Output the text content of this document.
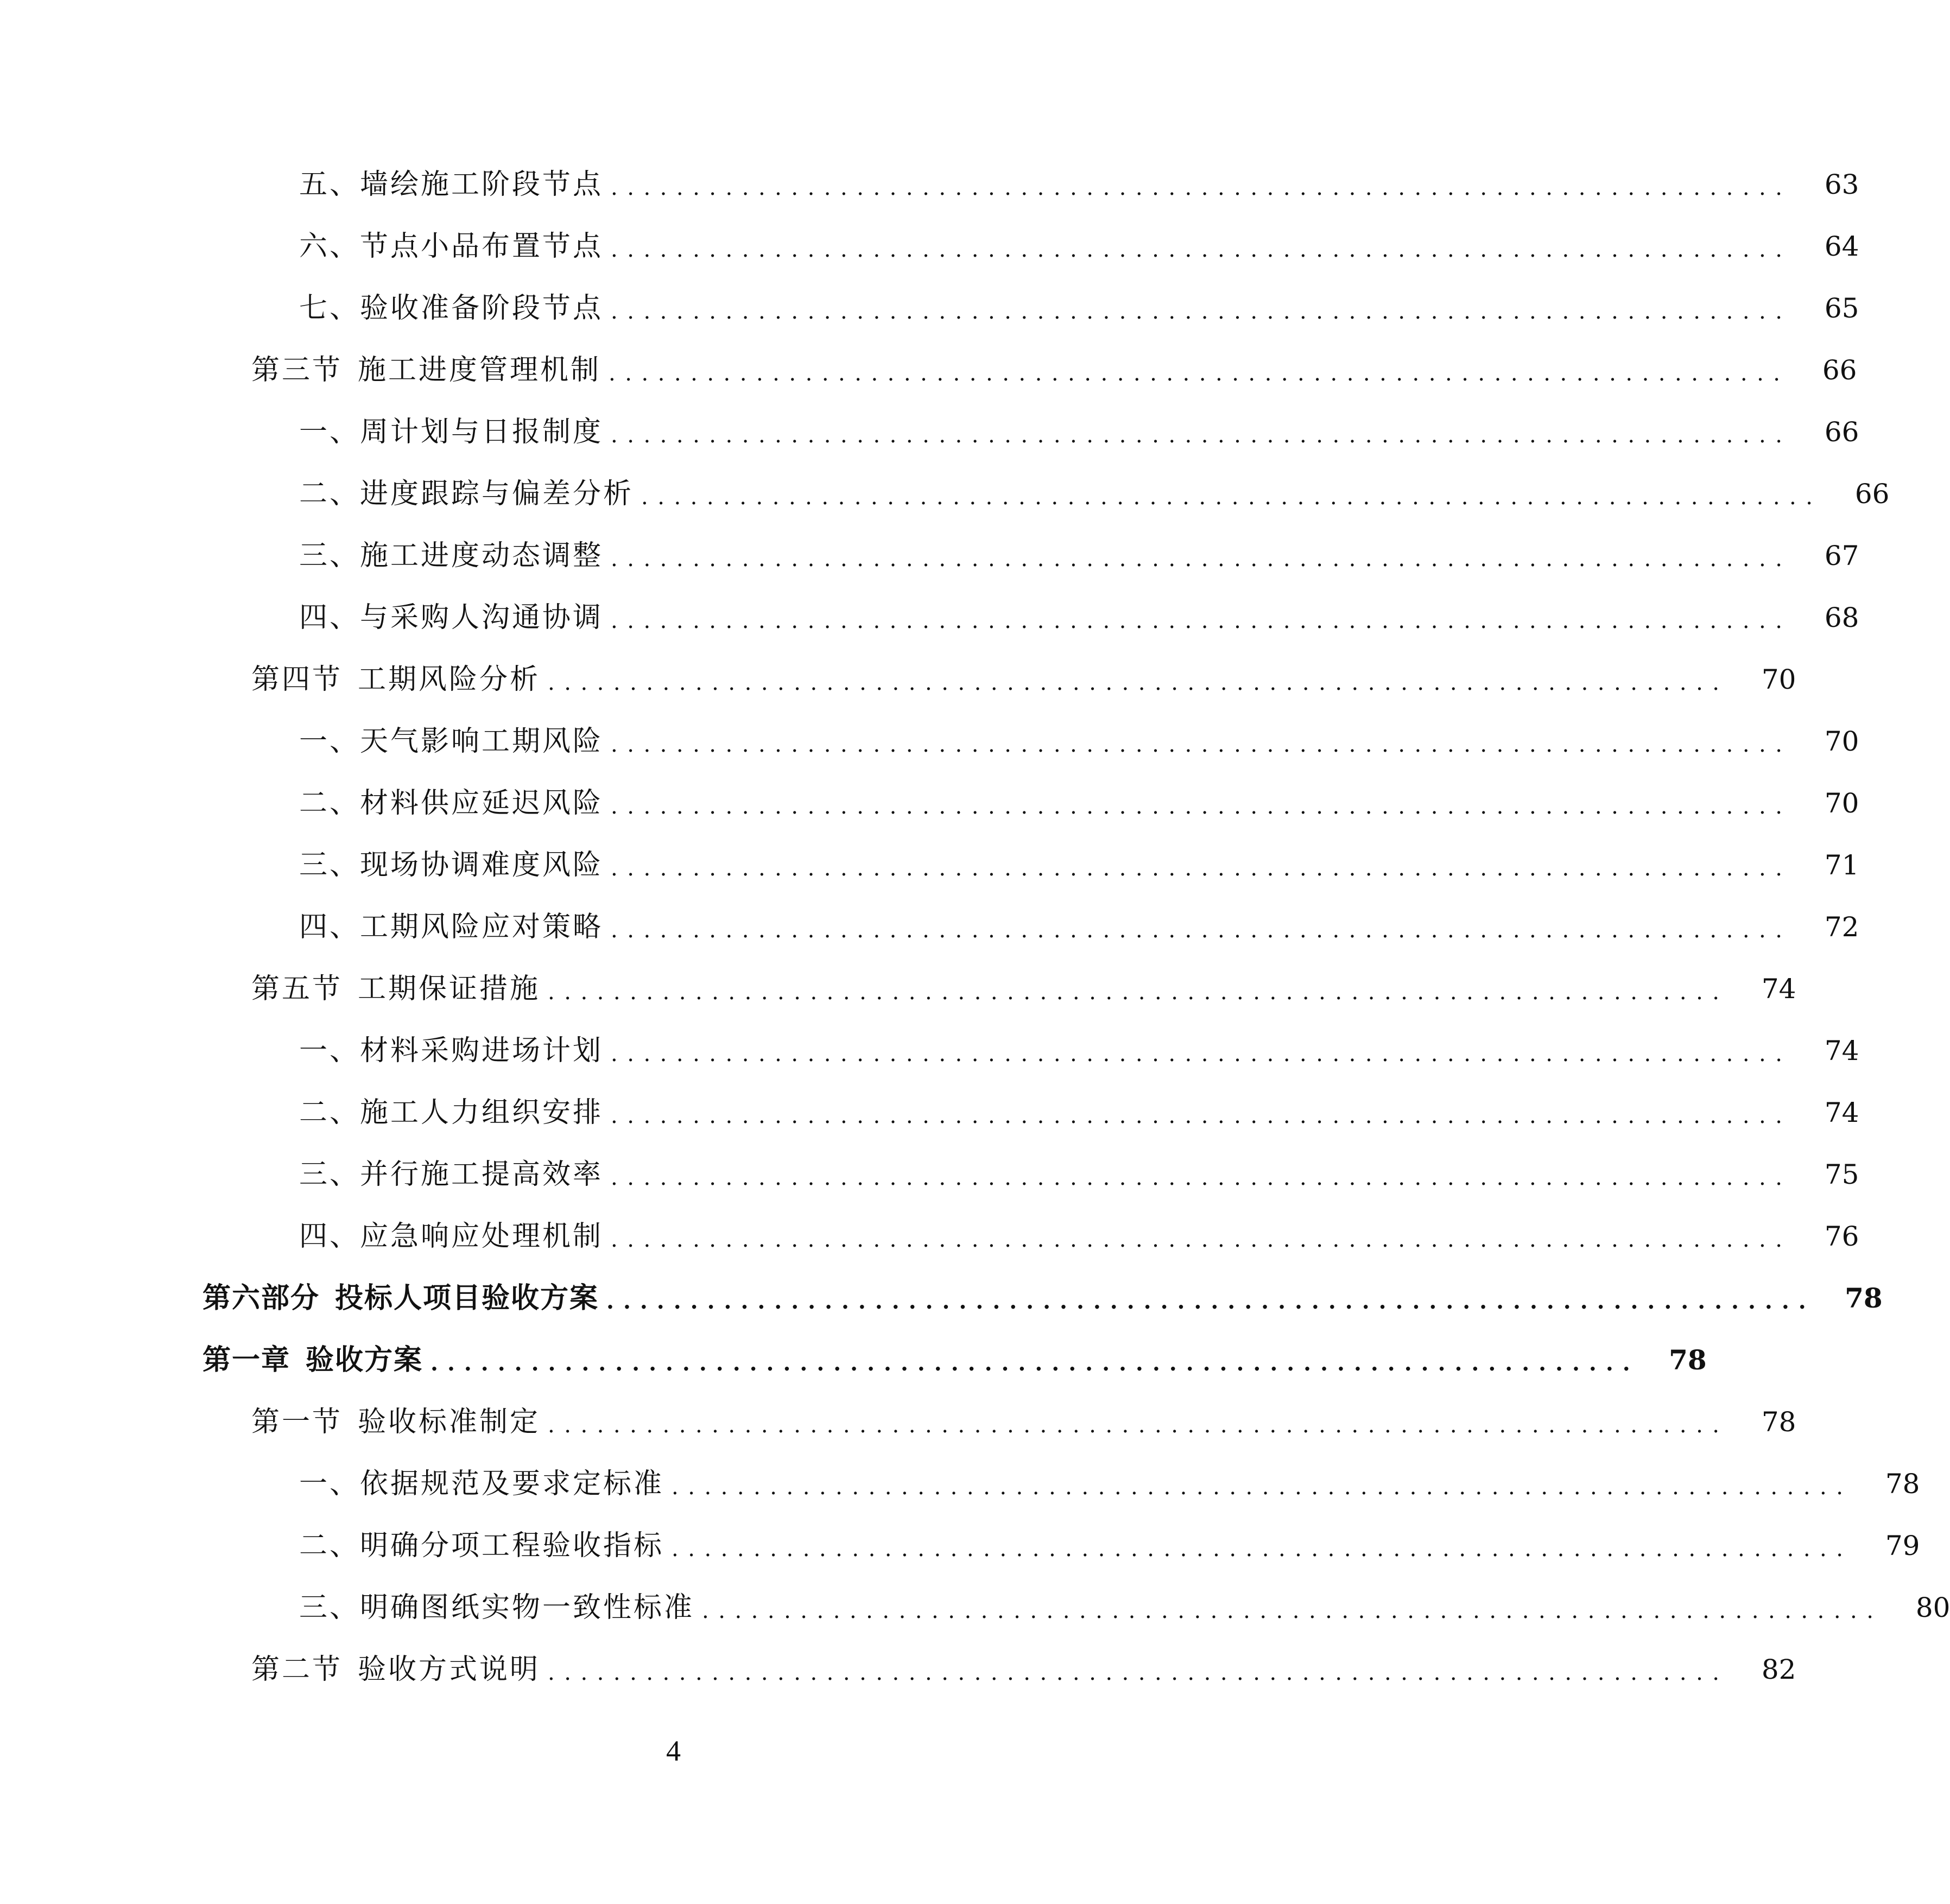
五、墙绘施工阶段节点 ........................................................................	63
六、节点小品布置节点 ........................................................................	64
七、验收准备阶段节点 ........................................................................	65
第三节 施工进度管理机制 ........................................................................	66
一、周计划与日报制度 ........................................................................	66
二、进度跟踪与偏差分析 ........................................................................	66
三、施工进度动态调整 ........................................................................	67
四、与采购人沟通协调 ........................................................................	68
第四节 工期风险分析 ........................................................................	70
一、天气影响工期风险 ........................................................................	70
二、材料供应延迟风险 ........................................................................	70
三、现场协调难度风险 ........................................................................	71
四、工期风险应对策略 ........................................................................	72
第五节 工期保证措施 ........................................................................	74
一、材料采购进场计划 ........................................................................	74
二、施工人力组织安排 ........................................................................	74
三、并行施工提高效率 ........................................................................	75
四、应急响应处理机制 ........................................................................	76
第六部分 投标人项目验收方案 ........................................................................	78
第一章 验收方案 ........................................................................	78
第一节 验收标准制定 ........................................................................	78
一、依据规范及要求定标准 ........................................................................	78
二、明确分项工程验收指标 ........................................................................	79
三、明确图纸实物一致性标准 ........................................................................	80
第二节 验收方式说明 ........................................................................	82
4
